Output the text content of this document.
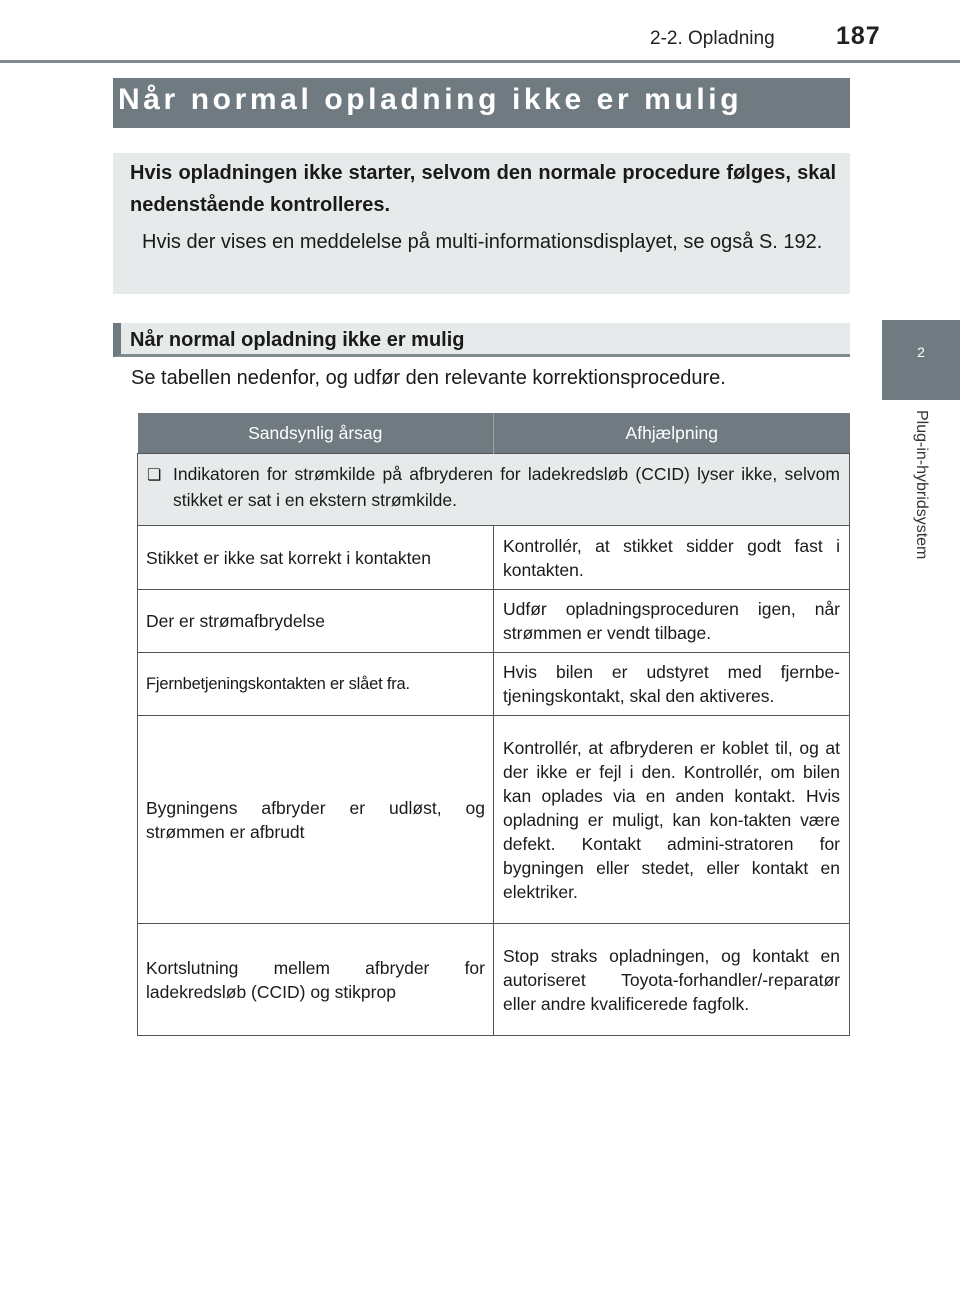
2-2. Opladning 187
2
Plug-in-hybridsystem
Når normal opladning ikke er mulig
Hvis opladningen ikke starter, selvom den normale procedure følges, skal nedenstående kontrolleres.
Hvis der vises en meddelelse på multi-informationsdisplayet, se også S. 192.
Når normal opladning ikke er mulig
Se tabellen nedenfor, og udfør den relevante korrektionsprocedure.
Sandsynlig årsag	Afhjælpning

❏ Indikatoren for strømkilde på afbryderen for ladekredsløb (CCID) lyser ikke, selvom stikket er sat i en ekstern strømkilde.	

Stikket er ikke sat korrekt i kontakten	Kontrollér, at stikket sidder godt fast i kontakten.
Der er strømafbrydelse	Udfør opladningsproceduren igen, når strømmen er vendt tilbage.
Fjernbetjeningskontakten er slået fra.	Hvis bilen er udstyret med fjernbe-tjeningskontakt, skal den aktiveres.
Bygningens afbryder er udløst, og strømmen er afbrudt	Kontrollér, at afbryderen er koblet til, og at der ikke er fejl i den. Kontrollér, om bilen kan oplades via en anden kontakt. Hvis opladning er muligt, kan kon-takten være defekt. Kontakt admini-stratoren for bygningen eller stedet, eller kontakt en elektriker.
Kortslutning mellem afbryder for ladekredsløb (CCID) og stikprop	Stop straks opladningen, og kontakt en autoriseret Toyota-forhandler/-reparatør eller andre kvalificerede fagfolk.
